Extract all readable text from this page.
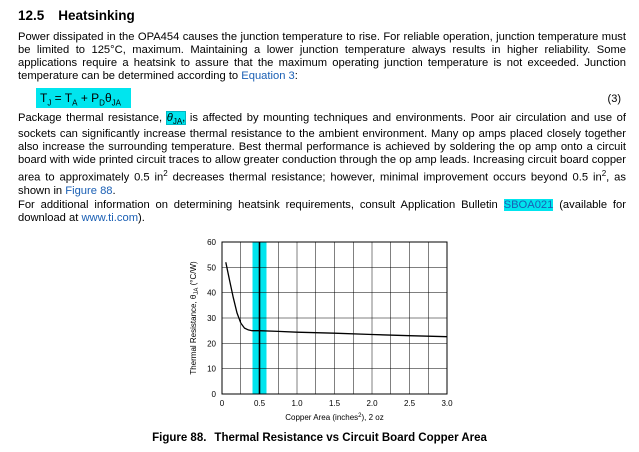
12.5 Heatsinking
Power dissipated in the OPA454 causes the junction temperature to rise. For reliable operation, junction temperature must be limited to 125°C, maximum. Maintaining a lower junction temperature always results in higher reliability. Some applications require a heatsink to assure that the maximum operating junction temperature is not exceeded. Junction temperature can be determined according to Equation 3:
$T_J = T_A + P_D\theta_{JA}$	(3)
Package thermal resistance, $\theta_{JA}$, is affected by mounting techniques and environments. Poor air circulation and use of sockets can significantly increase thermal resistance to the ambient environment. Many op amps placed closely together also increase the surrounding temperature. Best thermal performance is achieved by soldering the op amp onto a circuit board with wide printed circuit traces to allow greater conduction through the op amp leads. Increasing circuit board copper area to approximately 0.5 $in^2$ decreases thermal resistance; however, minimal improvement occurs beyond 0.5 $in^2$, as shown in Figure 88.
For additional information on determining heatsink requirements, consult Application Bulletin SBOA021 (available for download at www.ti.com).
0	0.5	1.0	1.5	2.0	2.5	3.0
0
10
20
30
40
50
60
Copper Area (inches$^2$), 2 oz
Thermal Resistance, $\theta_{JA}$ (°C/W)
Figure 88. Thermal Resistance vs Circuit Board Copper Area
